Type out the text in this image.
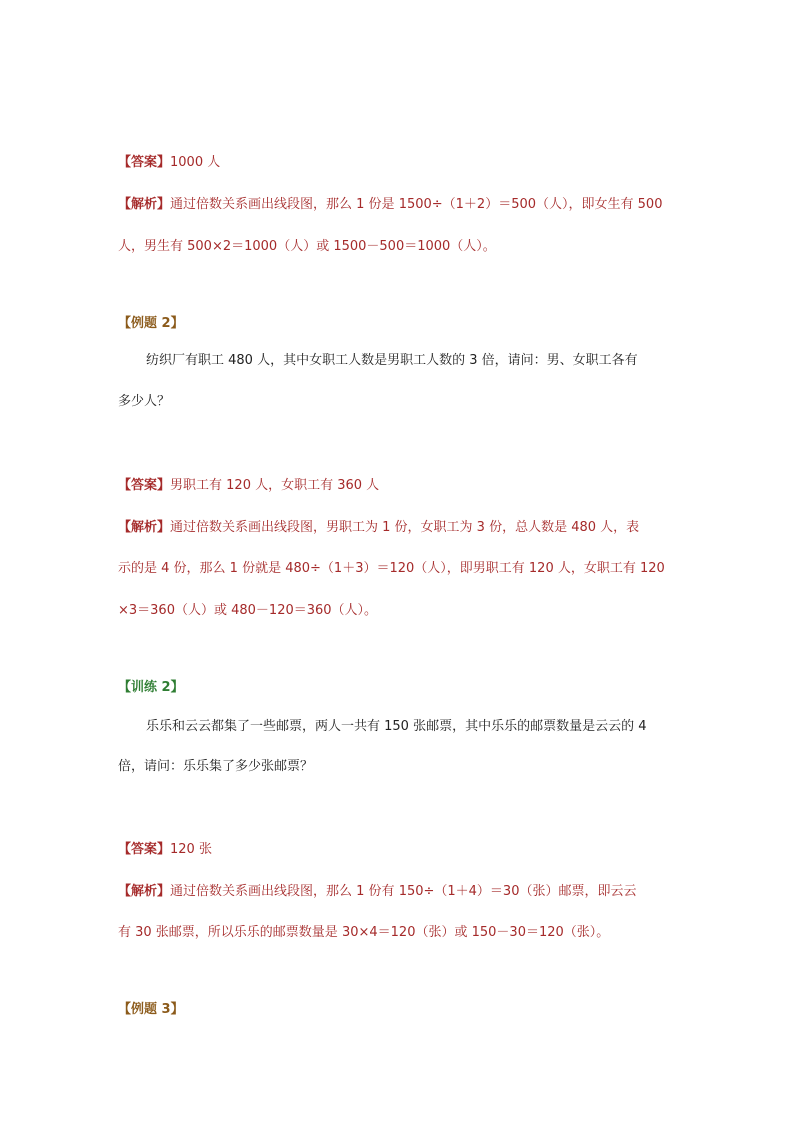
【答案】1000 人
【解析】通过倍数关系画出线段图，那么 1 份是 1500÷（1＋2）＝500（人），即女生有 500
人，男生有 500×2＝1000（人）或 1500－500＝1000（人）。
【例题 2】
纺织厂有职工 480 人，其中女职工人数是男职工人数的 3 倍，请问：男、女职工各有
多少人？
【答案】男职工有 120 人，女职工有 360 人
【解析】通过倍数关系画出线段图，男职工为 1 份，女职工为 3 份，总人数是 480 人，表
示的是 4 份，那么 1 份就是 480÷（1＋3）＝120（人），即男职工有 120 人，女职工有 120
×3＝360（人）或 480－120＝360（人）。
【训练 2】
乐乐和云云都集了一些邮票，两人一共有 150 张邮票，其中乐乐的邮票数量是云云的 4
倍，请问：乐乐集了多少张邮票？
【答案】120 张
【解析】通过倍数关系画出线段图，那么 1 份有 150÷（1＋4）＝30（张）邮票，即云云
有 30 张邮票，所以乐乐的邮票数量是 30×4＝120（张）或 150－30＝120（张）。
【例题 3】
